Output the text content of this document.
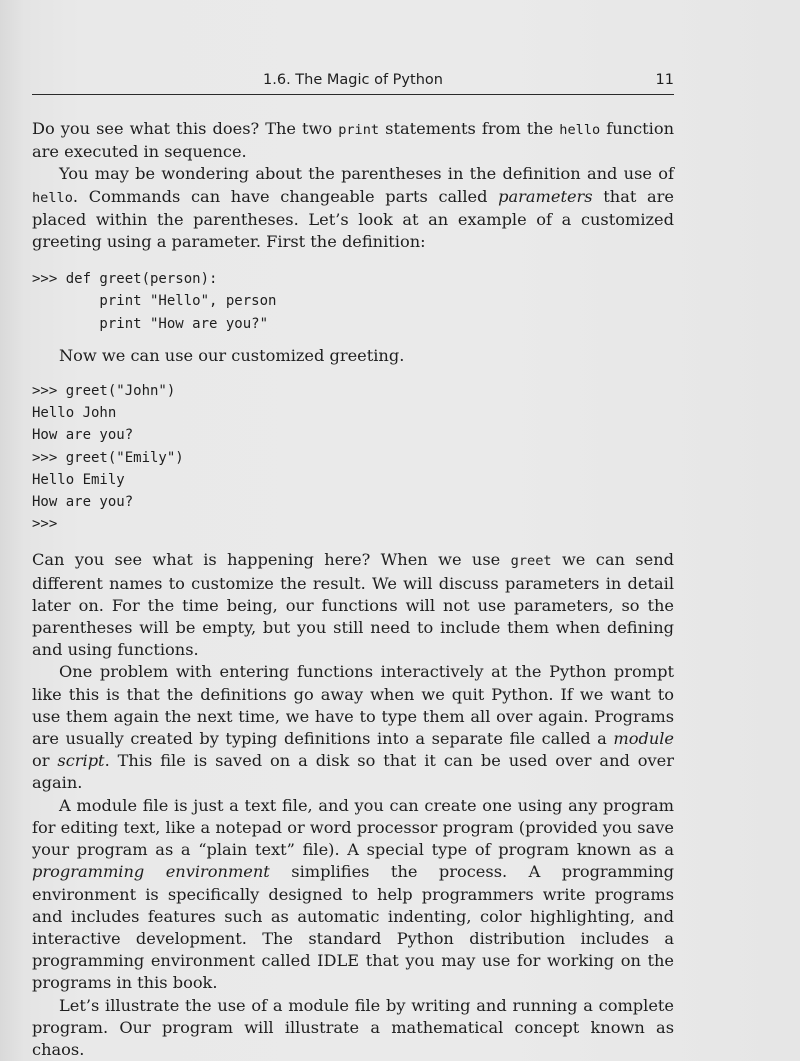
1.6. The Magic of Python	11

Do you see what this does? The two print statements from the hello function are executed in sequence.

You may be wondering about the parentheses in the definition and use of hello. Commands can have changeable parts called parameters that are placed within the parentheses. Let’s look at an example of a customized greeting using a parameter. First the definition:

>>> def greet(person):
print "Hello", person
print "How are you?"

Now we can use our customized greeting.

>>> greet("John")
Hello John
How are you?
>>> greet("Emily")
Hello Emily
How are you?
>>>

Can you see what is happening here? When we use greet we can send different names to customize the result. We will discuss parameters in detail later on. For the time being, our functions will not use parameters, so the parentheses will be empty, but you still need to include them when defining and using functions.

One problem with entering functions interactively at the Python prompt like this is that the definitions go away when we quit Python. If we want to use them again the next time, we have to type them all over again. Programs are usually created by typing definitions into a separate file called a module or script. This file is saved on a disk so that it can be used over and over again.

A module file is just a text file, and you can create one using any program for editing text, like a notepad or word processor program (provided you save your program as a “plain text” file). A special type of program known as a programming environment simplifies the process. A programming environment is specifically designed to help programmers write programs and includes features such as automatic indenting, color highlighting, and interactive development. The standard Python distribution includes a programming environment called IDLE that you may use for working on the programs in this book.

Let’s illustrate the use of a module file by writing and running a complete program. Our program will illustrate a mathematical concept known as chaos.
